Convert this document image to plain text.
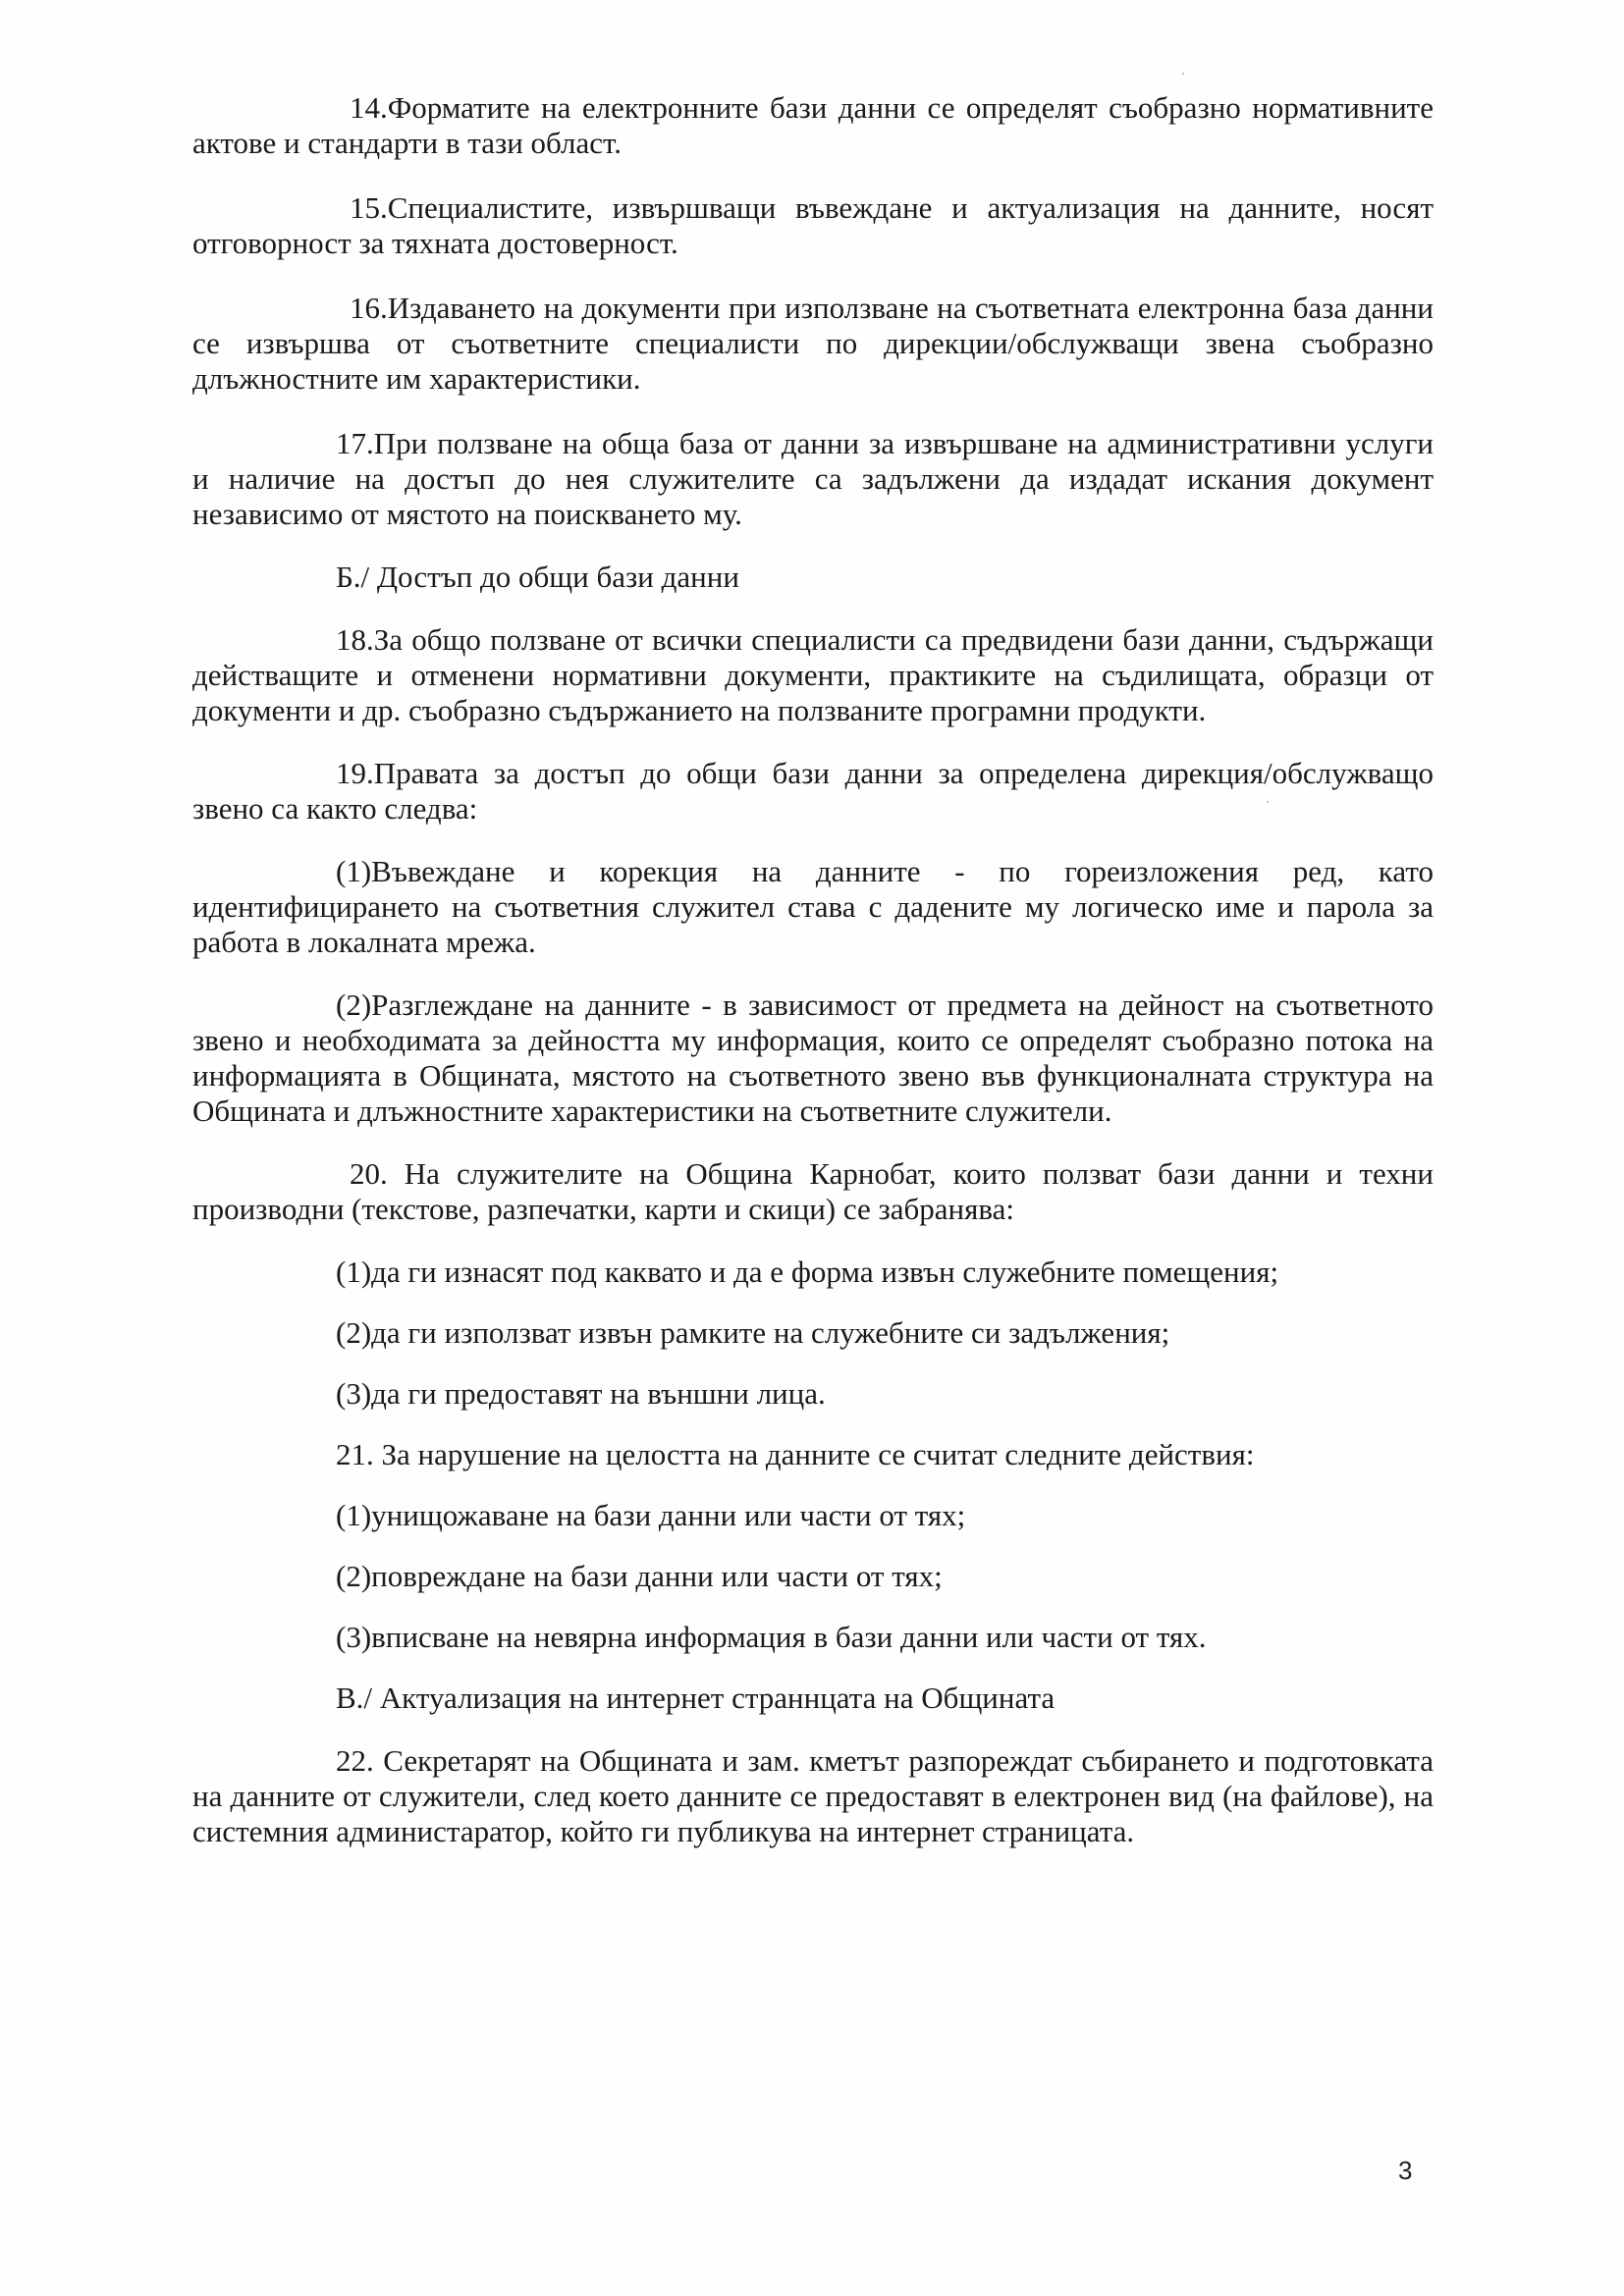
14.Форматите на електронните бази данни се определят съобразно нормативните актове и стандарти в тази област.

15.Специалистите, извършващи въвеждане и актуализация на данните, носят отговорност за тяхната достоверност.

16.Издаването на документи при използване на съответната електронна база данни се извършва от съответните специалисти по дирекции/обслужващи звена съобразно длъжностните им характеристики.

17.При ползване на обща база от данни за извършване на административни услуги и наличие на достъп до нея служителите са задължени да издадат искания документ независимо от мястото на поискването му.

Б./ Достъп до общи бази данни

18.За общо ползване от всички специалисти са предвидени бази данни, съдържащи действащите и отменени нормативни документи, практиките на съдилищата, образци от документи и др. съобразно съдържанието на ползваните програмни продукти.

19.Правата за достъп до общи бази данни за определена дирекция/обслужващо звено са както следва:

(1)Въвеждане и корекция на данните - по гореизложения ред, като идентифицирането на съответния служител става с дадените му логическо име и парола за работа в локалната мрежа.

(2)Разглеждане на данните - в зависимост от предмета на дейност на съответното звено и необходимата за дейността му информация, които се определят съобразно потока на информацията в Общината, мястото на съответното звено във функционалната структура на Общината и длъжностните характеристики на съответните служители.

20. На служителите на Община Карнобат, които ползват бази данни и техни производни (текстове, разпечатки, карти и скици) се забранява:

(1)да ги изнасят под каквато и да е форма извън служебните помещения;

(2)да ги използват извън рамките на служебните си задължения;

(3)да ги предоставят на външни лица.

21. За нарушение на целостта на данните се считат следните действия:

(1)унищожаване на бази данни или части от тях;

(2)повреждане на бази данни или части от тях;

(3)вписване на невярна информация в бази данни или части от тях.

В./ Актуализация на интернет страннцата на Общината

22. Секретарят на Общината и зам. кметът разпореждат събирането и подготовката на данните от служители, след което данните се предоставят в електронен вид (на файлове), на системния администаратор, който ги публикува на интернет страницата.

3
